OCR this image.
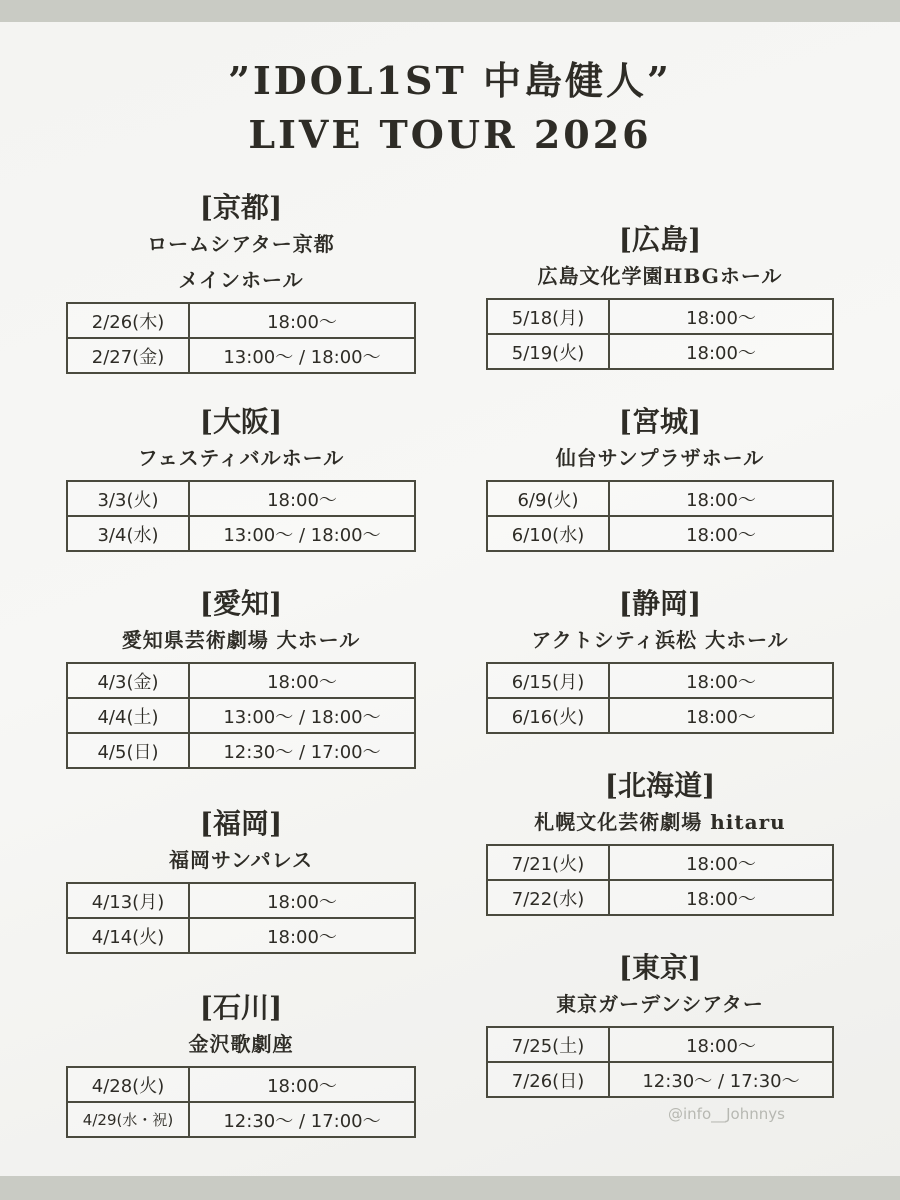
”IDOL1ST 中島健人”
LIVE TOUR 2026
[京都]
ロームシアター京都
メインホール
2/26(木)	18:00～
2/27(金)	13:00～ / 18:00～
[大阪]
フェスティバルホール
3/3(火)	18:00～
3/4(水)	13:00～ / 18:00～
[愛知]
愛知県芸術劇場 大ホール
4/3(金)	18:00～
4/4(土)	13:00～ / 18:00～
4/5(日)	12:30～ / 17:00～
[福岡]
福岡サンパレス
4/13(月)	18:00～
4/14(火)	18:00～
[石川]
金沢歌劇座
4/28(火)	18:00～
4/29(水・祝)	12:30～ / 17:00～
[広島]
広島文化学園HBGホール
5/18(月)	18:00～
5/19(火)	18:00～
[宮城]
仙台サンプラザホール
6/9(火)	18:00～
6/10(水)	18:00～
[静岡]
アクトシティ浜松 大ホール
6/15(月)	18:00～
6/16(火)	18:00～
[北海道]
札幌文化芸術劇場 hitaru
7/21(火)	18:00～
7/22(水)	18:00～
[東京]
東京ガーデンシアター
7/25(土)	18:00～
7/26(日)	12:30～ / 17:30～
@info__Johnnys
